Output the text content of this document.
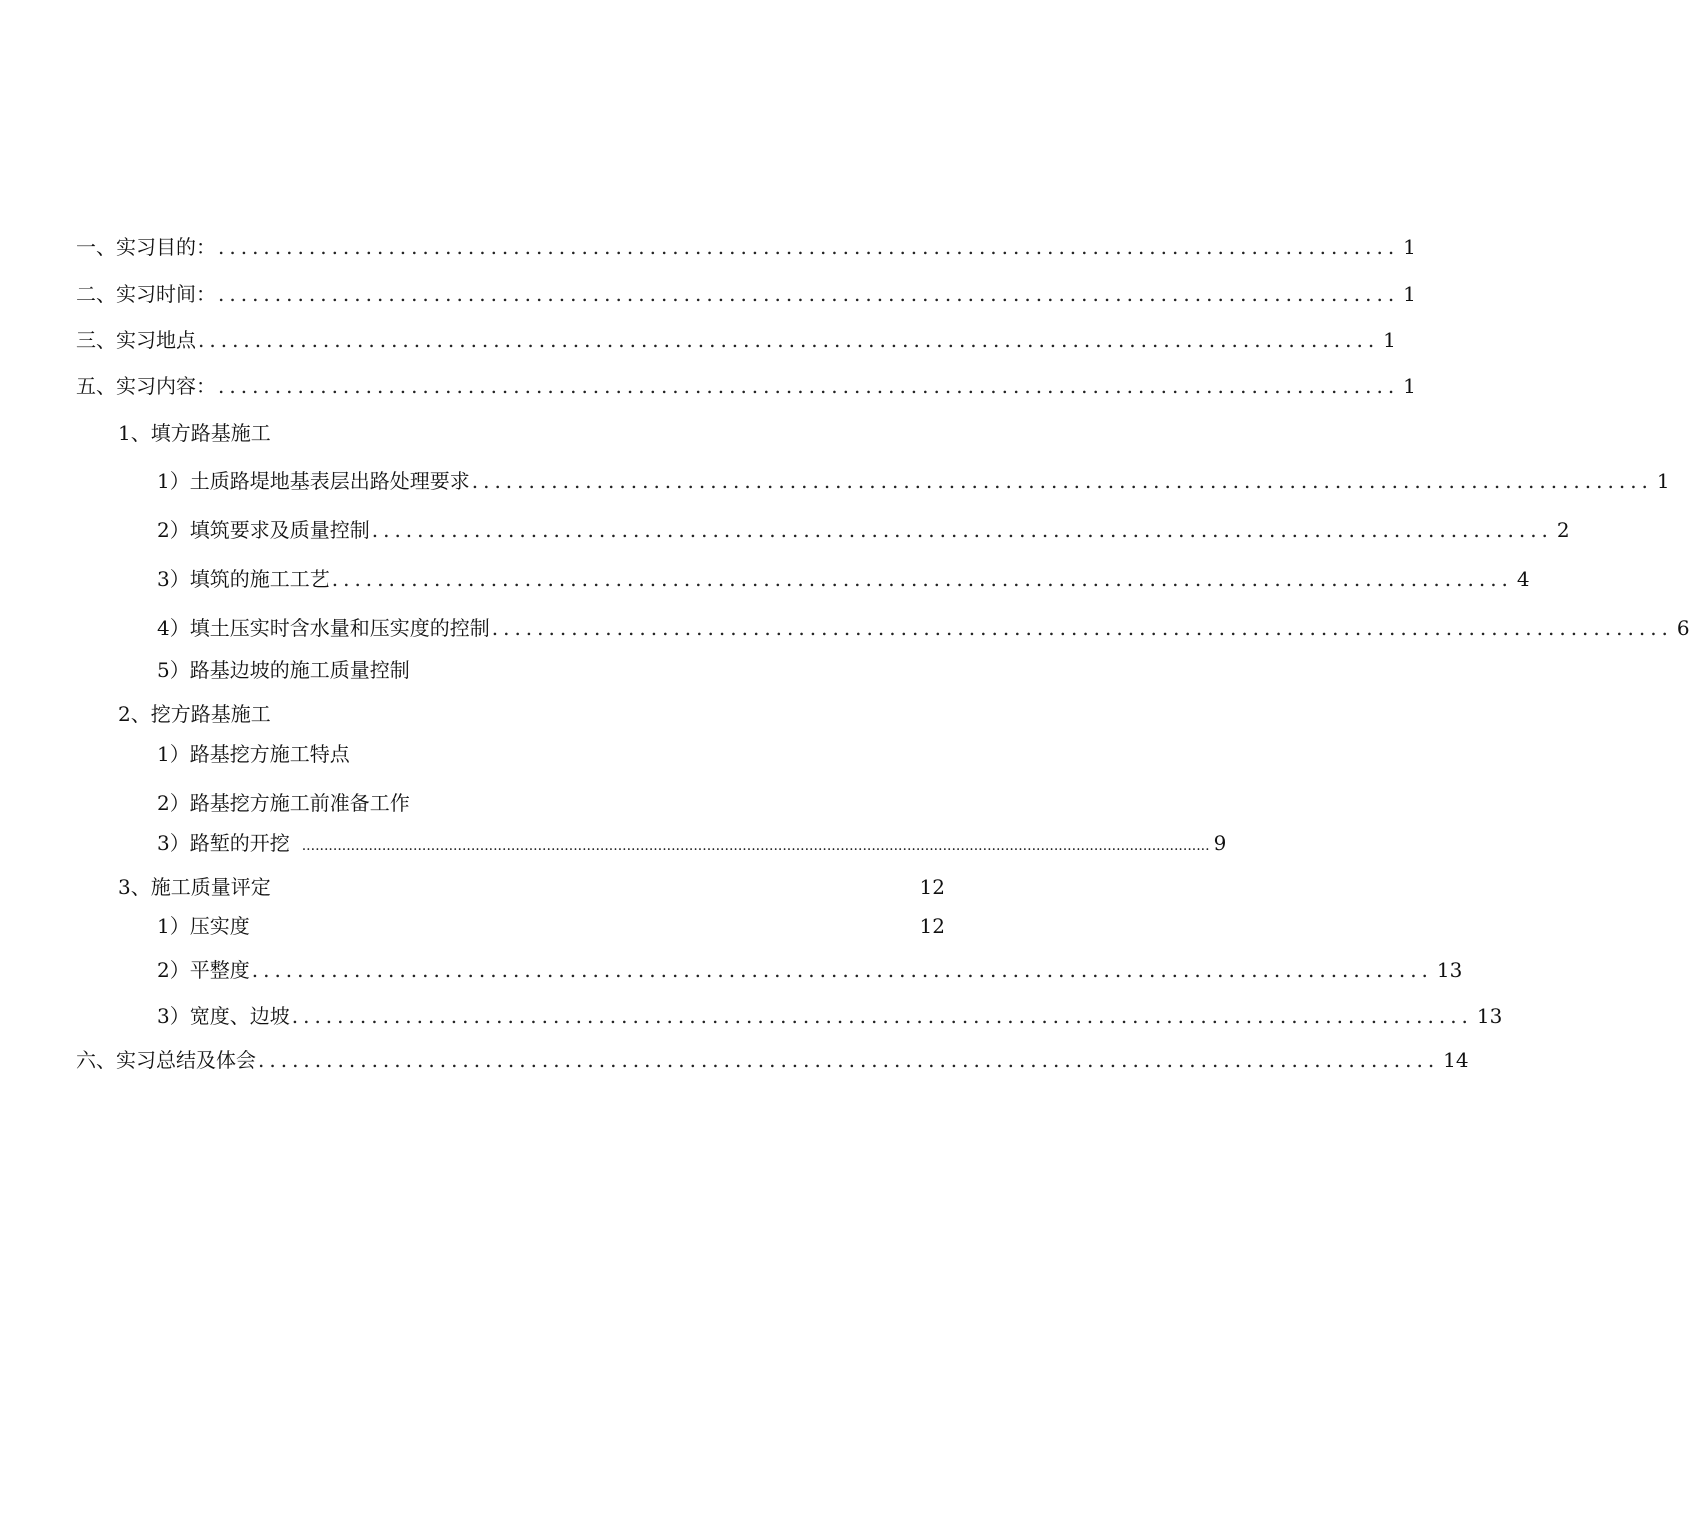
一、实习目的： ........................................................................................................ 1
二、实习时间： ........................................................................................................ 1
三、实习地点 ........................................................................................................ 1
五、实习内容： ........................................................................................................ 1
1、填方路基施工
1）土质路堤地基表层出路处理要求 ........................................................................................................ 1
2）填筑要求及质量控制 ........................................................................................................ 2
3）填筑的施工工艺 ........................................................................................................ 4
4）填土压实时含水量和压实度的控制 ........................................................................................................ 6
5）路基边坡的施工质量控制
2、挖方路基施工
1）路基挖方施工特点
2）路基挖方施工前准备工作
3）路堑的开挖 ............................................................................................................................................................................................................ 9
3、施工质量评定	12
1）压实度	12
2）平整度 ........................................................................................................ 13
3）宽度、边坡 ........................................................................................................ 13
六、实习总结及体会 ........................................................................................................ 14
